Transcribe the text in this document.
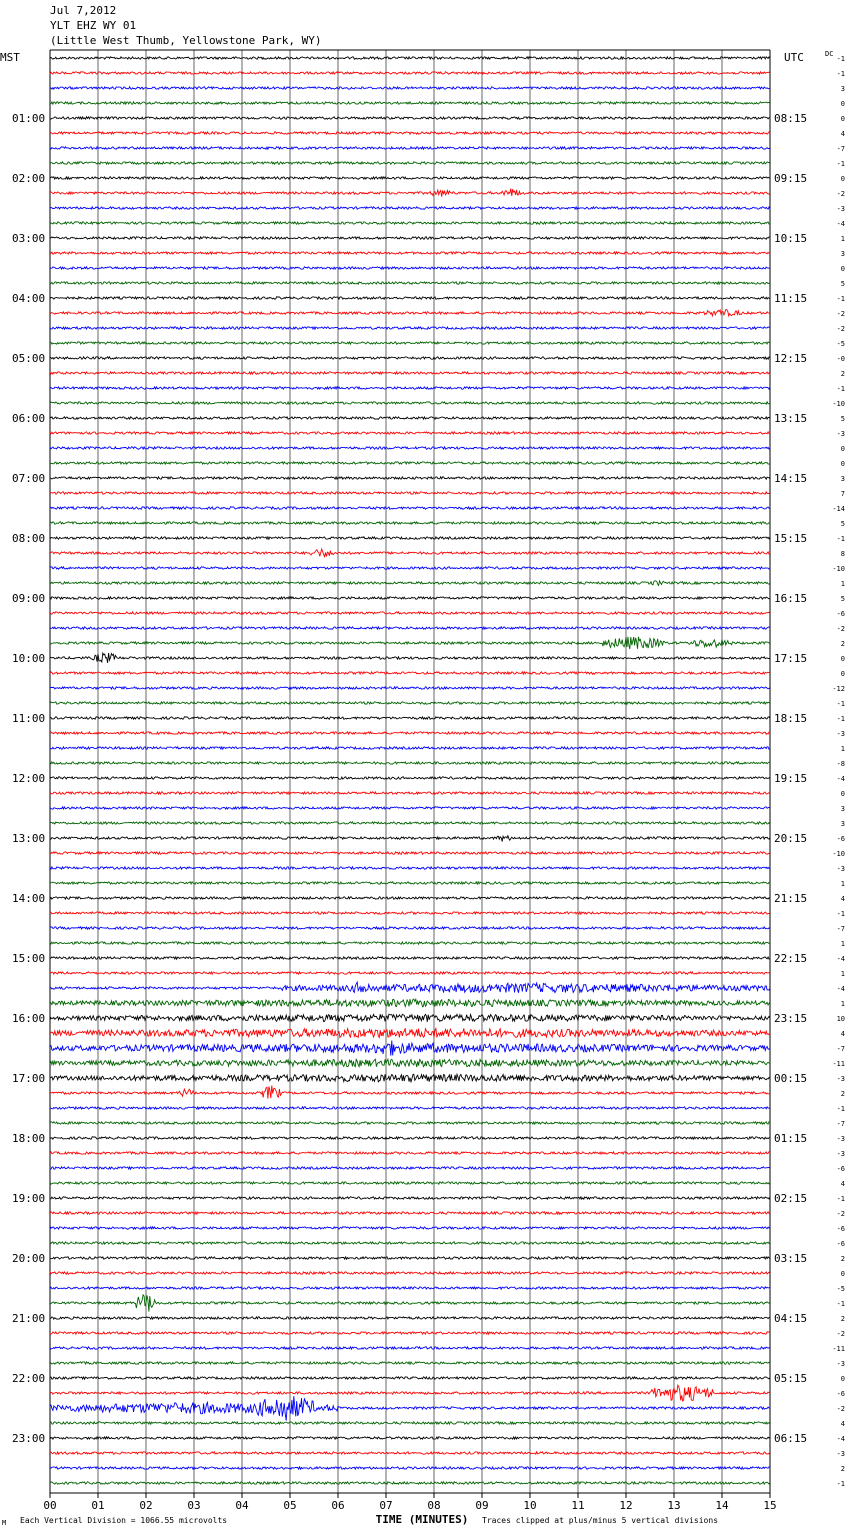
Jul 7,2012
YLT EHZ WY 01
(Little West Thumb, Yellowstone Park, WY)
MST	UTC	DC
01:00
02:00
03:00
04:00
05:00
06:00
07:00
08:00
09:00
10:00
11:00
12:00
13:00
14:00
15:00
16:00
17:00
18:00
19:00
20:00
21:00
22:00
23:00
08:15
09:15
10:15
11:15
12:15
13:15
14:15
15:15
16:15
17:15
18:15
19:15
20:15
21:15
22:15
23:15
00:15
01:15
02:15
03:15
04:15
05:15
06:15
-1
-1
3
0
0
4
-7
-1
0
-2
-3
-4
1
3
0
5
-1
-2
-2
-5
-0
2
-1
-10
5
-3
0
0
3
7
-14
5
-1
8
-10
1
5
-6
-2
2
0
0
-12
-1
-1
-3
1
-8
-4
0
3
3
-6
-10
-3
1
4
-1
-7
1
-4
1
-4
1
10
4
-7
-11
-3
2
-1
-7
-3
-3
-6
4
-1
-2
-6
-6
2
0
-5
-1
2
-2
-11
-3
0
-6
-2
4
-4
-3
2
-1
00	01	02	03	04	05	06	07	08	09	10	11	12	13	14	15
TIME (MINUTES)
Each Vertical Division = 1066.55 microvolts	Traces clipped at plus/minus 5 vertical divisions
M
